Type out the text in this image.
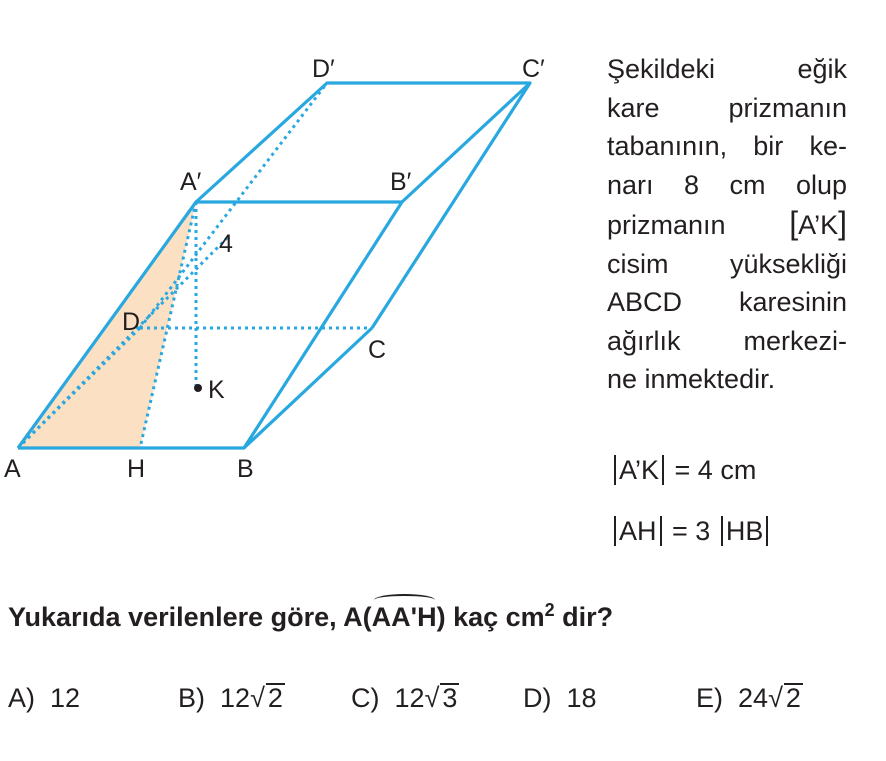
A	H	B
C
D
K
A′	B′
C′
D′
4
Şekildeki eğik
kare prizmanın
tabanının, bir ke-
narı 8 cm olup
prizmanın [A’K]
cisim yüksekliği
ABCD karesinin
ağırlık merkezi-
ne inmektedir.
A’K = 4 cm
AH = 3 HB
Yukarıda verilenlere göre, A(AA'H) kaç $cm^2$ dir?
A) 12	B) 12√ 2	C) 12√ 3 D) 18	E) 24√ 2
